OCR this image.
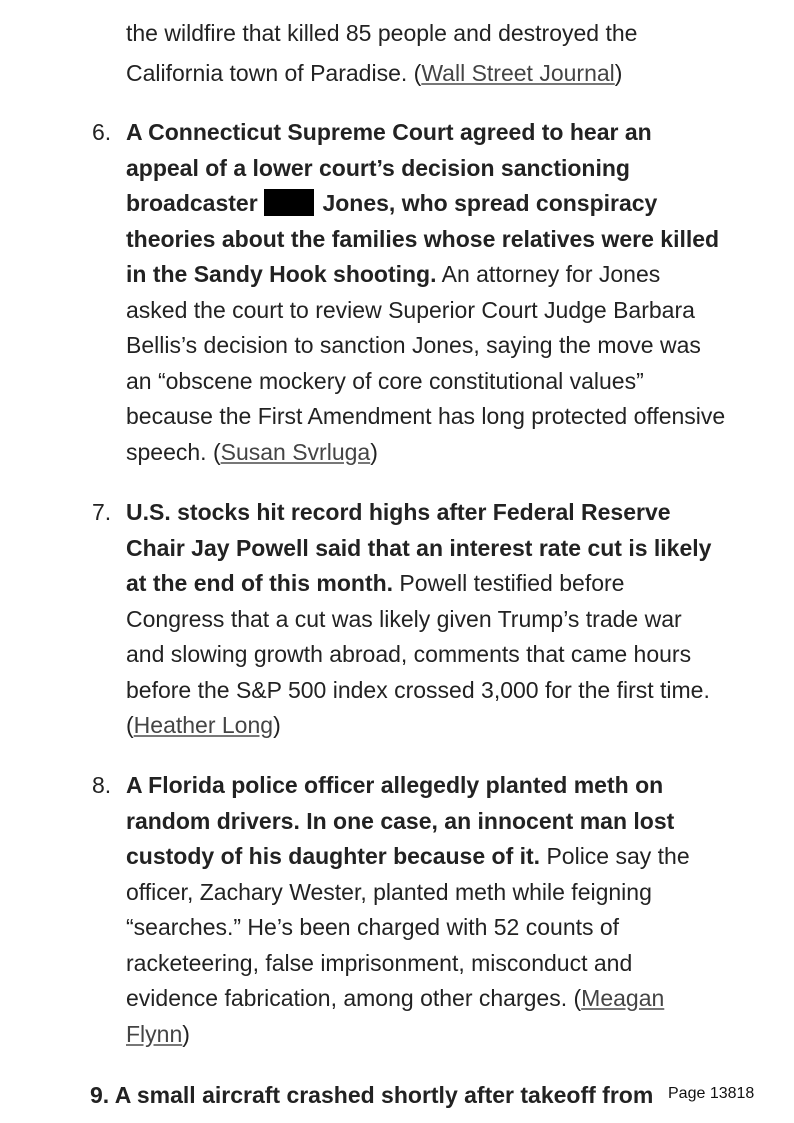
the wildfire that killed 85 people and destroyed the
California town of Paradise. (Wall Street Journal)
6. A Connecticut Supreme Court agreed to hear an appeal of a lower court’s decision sanctioning broadcaster  Jones, who spread conspiracy theories about the families whose relatives were killed in the Sandy Hook shooting. An attorney for Jones asked the court to review Superior Court Judge Barbara Bellis’s decision to sanction Jones, saying the move was an “obscene mockery of core constitutional values” because the First Amendment has long protected offensive speech. (Susan Svrluga)
7. U.S. stocks hit record highs after Federal Reserve Chair Jay Powell said that an interest rate cut is likely at the end of this month. Powell testified before Congress that a cut was likely given Trump’s trade war and slowing growth abroad, comments that came hours before the S&P 500 index crossed 3,000 for the first time. (Heather Long)
8. A Florida police officer allegedly planted meth on random drivers. In one case, an innocent man lost custody of his daughter because of it. Police say the officer, Zachary Wester, planted meth while feigning “searches.” He’s been charged with 52 counts of racketeering, false imprisonment, misconduct and evidence fabrication, among other charges. (Meagan Flynn)
9. A small aircraft crashed shortly after takeoff from Page 13818
